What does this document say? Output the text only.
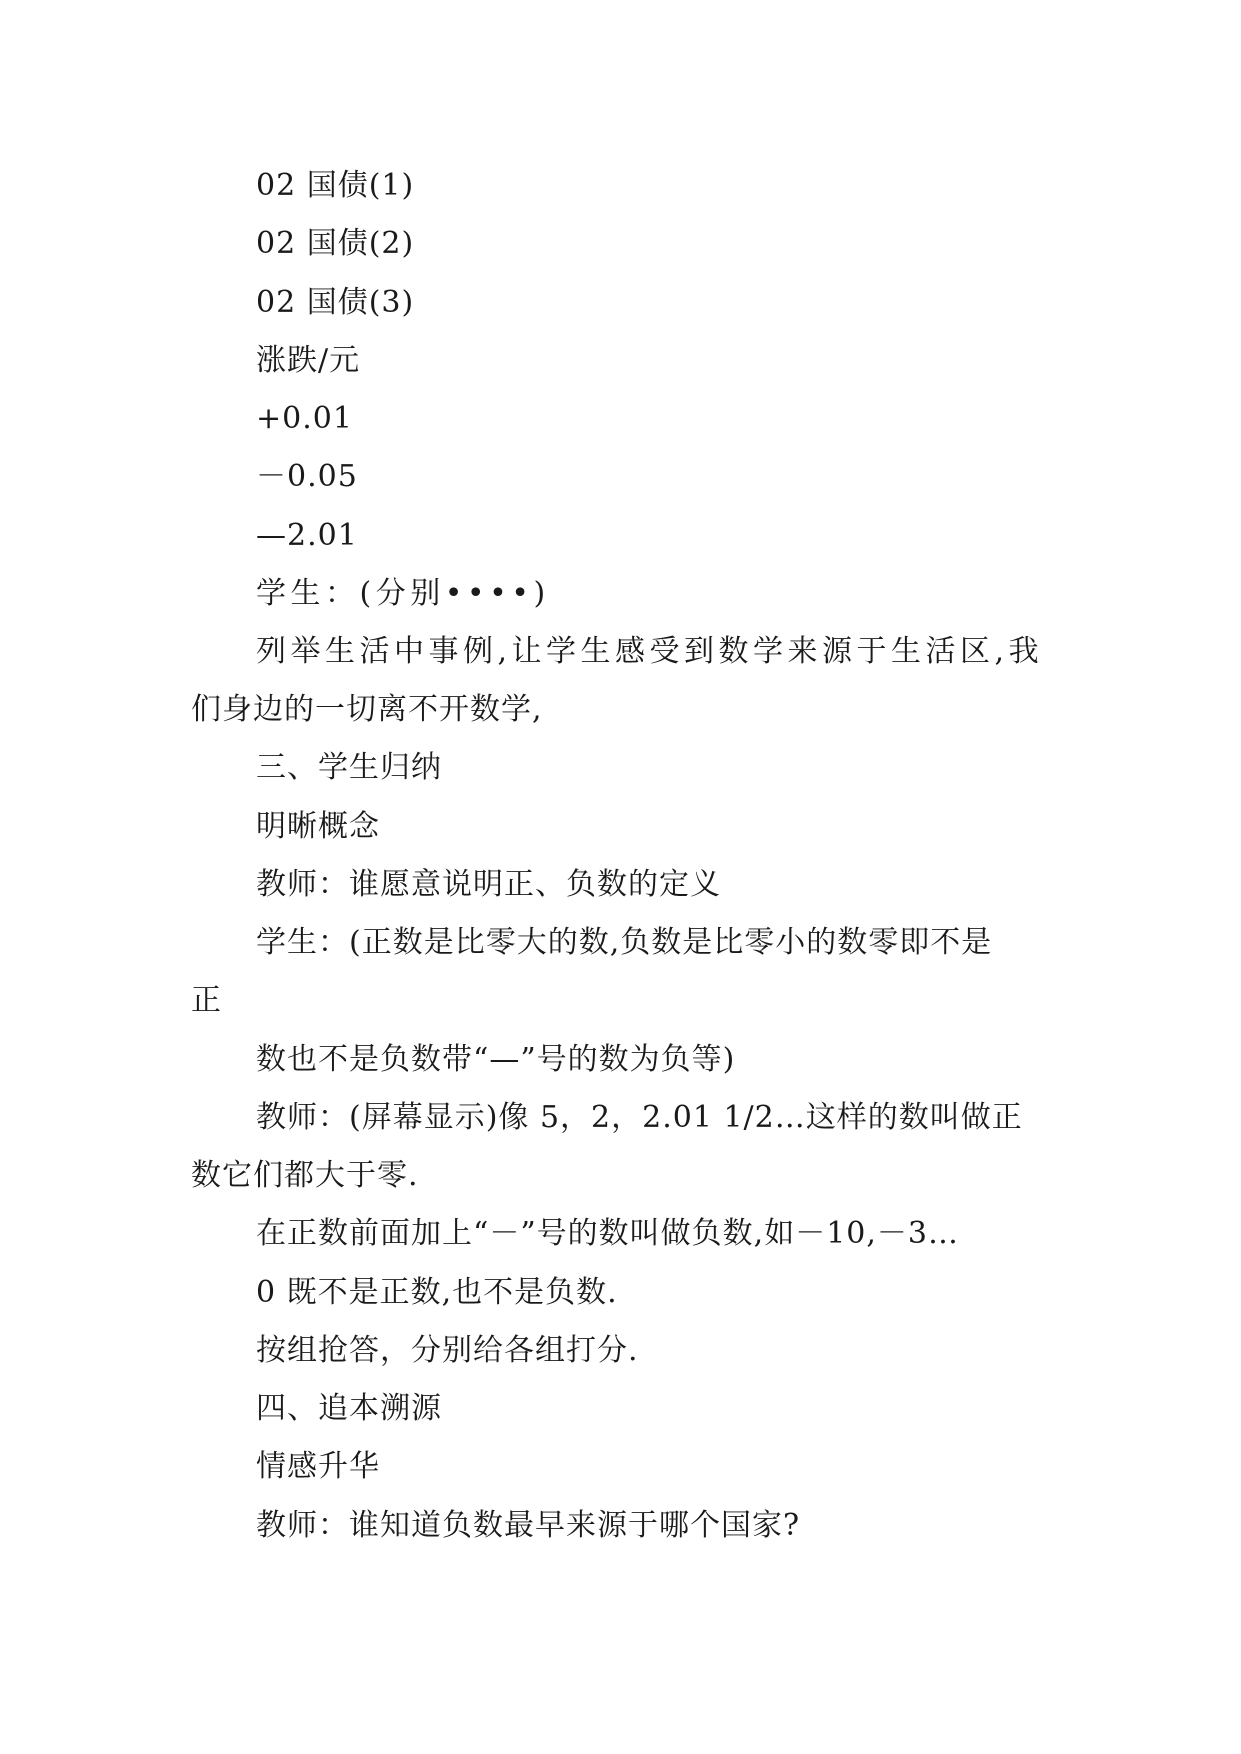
02 国债(1)

02 国债(2)

02 国债(3)

涨跌/元

+0.01

－0.05

—2.01

学生：(分别••••)

列举生活中事例,让学生感受到数学来源于生活区,我

们身边的一切离不开数学,

三、学生归纳

明晰概念

教师：谁愿意说明正、负数的定义

学生：(正数是比零大的数,负数是比零小的数零即不是

正

数也不是负数带“—”号的数为负等)

教师：(屏幕显示)像 5，2，2.01 1/2…这样的数叫做正

数它们都大于零.

在正数前面加上“－”号的数叫做负数,如－10,－3…

0 既不是正数,也不是负数.

按组抢答，分别给各组打分.

四、追本溯源

情感升华

教师：谁知道负数最早来源于哪个国家?
